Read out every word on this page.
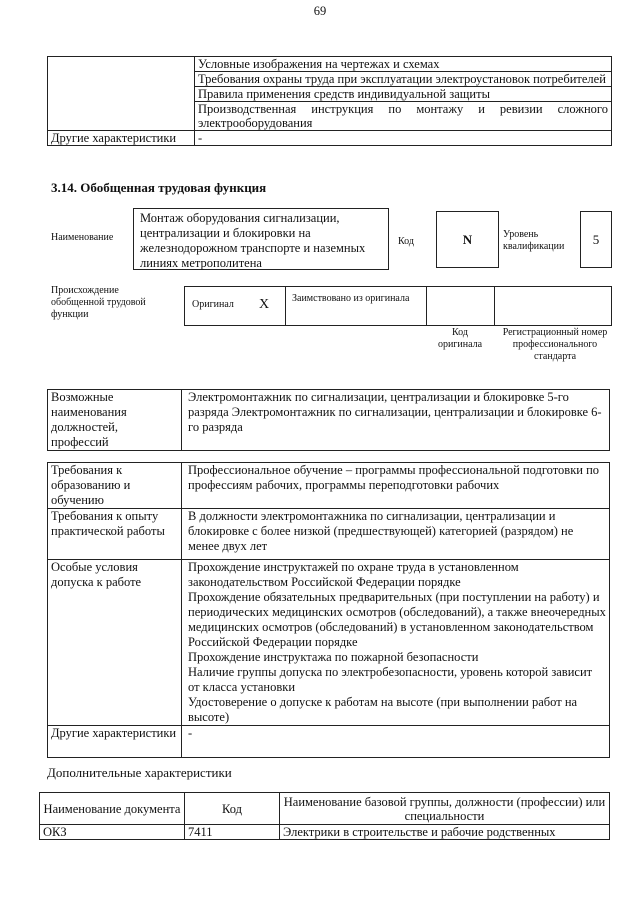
69
	Условные изображения на чертежах и схемах
	Требования охраны труда при эксплуатации электроустановок потребителей
	Правила применения средств индивидуальной защиты
	Производственная инструкция по монтажу и ревизии сложного электрооборудования
Другие характеристики	-
3.14. Обобщенная трудовая функция
Наименование
Монтаж оборудования сигнализации, централизации и блокировки на железнодорожном транспорте и наземных линиях метрополитена
Код	N	Уровень квалификации	5
Происхождение обобщенной трудовой функции
Оригинал X Заимствовано из оригинала
Код оригинала
Регистрационный номер профессионального стандарта
Возможные наименования должностей, профессий	Электромонтажник по сигнализации, централизации и блокировке 5-го разряда Электромонтажник по сигнализации, централизации и блокировке 6-го разряда
Требования к образованию и обучению	Профессиональное обучение – программы профессиональной подготовки по профессиям рабочих, программы переподготовки рабочих
Требования к опыту практической работы	В должности электромонтажника по сигнализации, централизации и блокировке с более низкой (предшествующей) категорией (разрядом) не менее двух лет
Особые условия допуска к работе	Прохождение инструктажей по охране труда в установленном законодательством Российской Федерации порядке
Прохождение обязательных предварительных (при поступлении на работу) и периодических медицинских осмотров (обследований), а также внеочередных медицинских осмотров (обследований) в установленном законодательством Российской Федерации порядке
Прохождение инструктажа по пожарной безопасности
Наличие группы допуска по электробезопасности, уровень которой зависит от класса установки
Удостоверение о допуске к работам на высоте (при выполнении работ на высоте)

Другие характеристики	-
Дополнительные характеристики
Наименование документа	Код	Наименование базовой группы, должности (профессии) или специальности
ОКЗ	7411	Электрики в строительстве и рабочие родственных
